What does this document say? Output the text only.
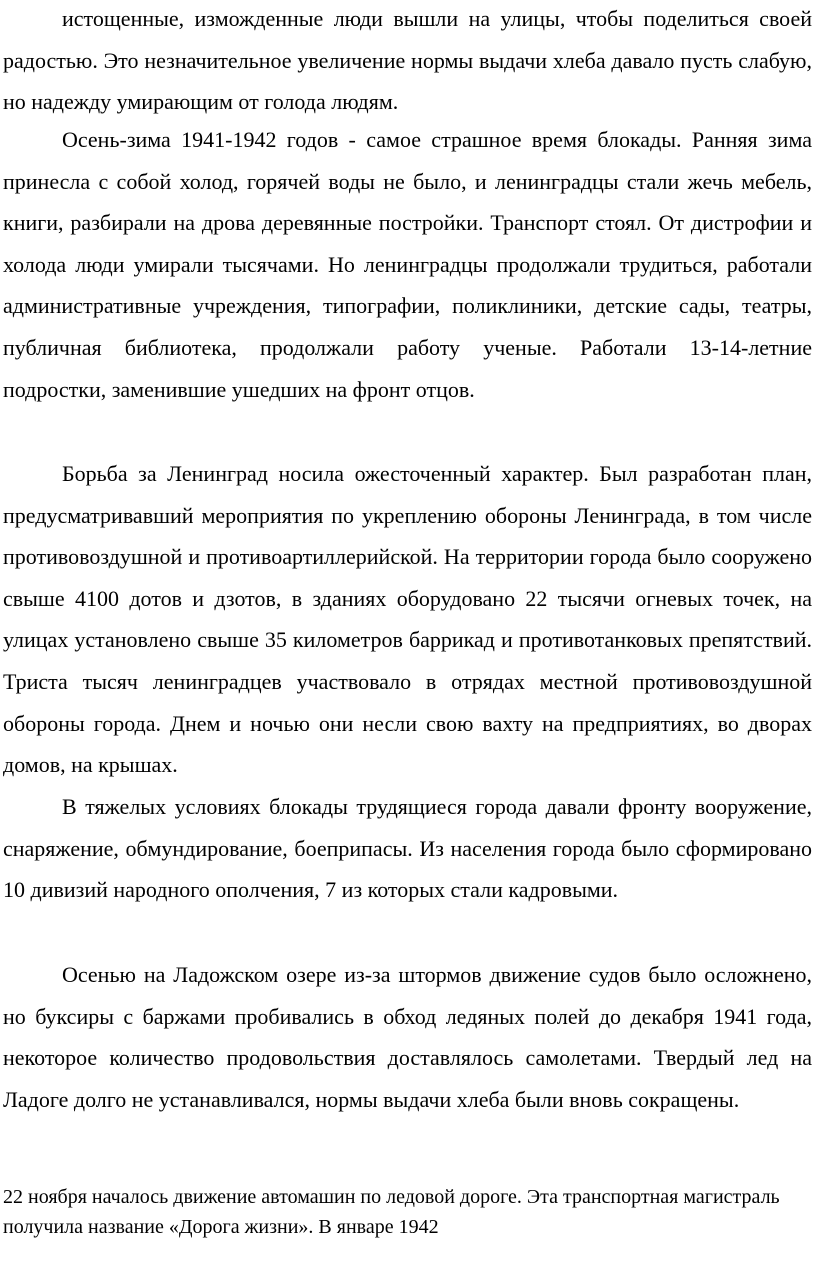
истощенные, изможденные люди вышли на улицы, чтобы поделиться своей радостью. Это незначительное увеличение нормы выдачи хлеба давало пусть слабую, но надежду умирающим от голода людям.

Осень-зима 1941-1942 годов - самое страшное время блокады. Ранняя зима принесла с собой холод, горячей воды не было, и ленинградцы стали жечь мебель, книги, разбирали на дрова деревянные постройки. Транспорт стоял. От дистрофии и холода люди умирали тысячами. Но ленинградцы продолжали трудиться, работали административные учреждения, типографии, поликлиники, детские сады, театры, публичная библиотека, продолжали работу ученые. Работали 13-14-летние подростки, заменившие ушедших на фронт отцов.

Борьба за Ленинград носила ожесточенный характер. Был разработан план, предусматривавший мероприятия по укреплению обороны Ленинграда, в том числе противовоздушной и противоартиллерийской. На территории города было сооружено свыше 4100 дотов и дзотов, в зданиях оборудовано 22 тысячи огневых точек, на улицах установлено свыше 35 километров баррикад и противотанковых препятствий. Триста тысяч ленинградцев участвовало в отрядах местной противовоздушной обороны города. Днем и ночью они несли свою вахту на предприятиях, во дворах домов, на крышах.

В тяжелых условиях блокады трудящиеся города давали фронту вооружение, снаряжение, обмундирование, боеприпасы. Из населения города было сформировано 10 дивизий народного ополчения, 7 из которых стали кадровыми.

Осенью на Ладожском озере из-за штормов движение судов было осложнено, но буксиры с баржами пробивались в обход ледяных полей до декабря 1941 года, некоторое количество продовольствия доставлялось самолетами. Твердый лед на Ладоге долго не устанавливался, нормы выдачи хлеба были вновь сокращены.

22 ноября началось движение автомашин по ледовой дороге. Эта транспортная магистраль получила название «Дорога жизни». В январе 1942
